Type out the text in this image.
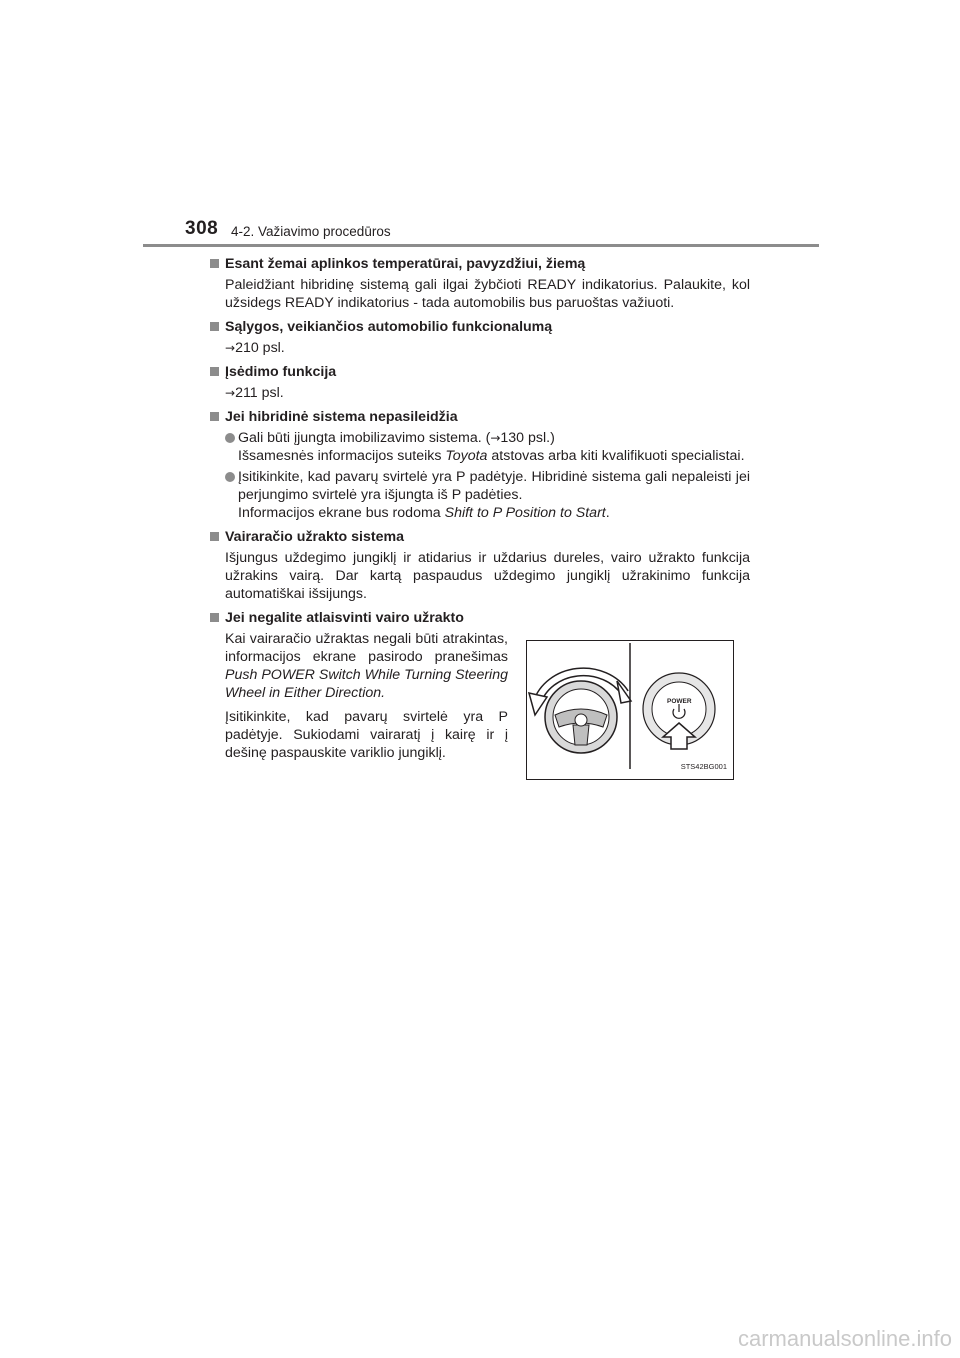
308 4-2. Važiavimo procedūros
Esant žemai aplinkos temperatūrai, pavyzdžiui, žiemą
Paleidžiant hibridinę sistemą gali ilgai žybčioti READY indikatorius. Palaukite, kol užsidegs READY indikatorius - tada automobilis bus paruoštas važiuoti.
Sąlygos, veikiančios automobilio funkcionalumą
→210 psl.
Įsėdimo funkcija
→211 psl.
Jei hibridinė sistema nepasileidžia

Gali būti įjungta imobilizavimo sistema. (→130 psl.)

Išsamesnės informacijos suteiks Toyota atstovas arba kiti kvalifikuoti specialistai.

Įsitikinkite, kad pavarų svirtelė yra P padėtyje. Hibridinė sistema gali nepaleisti jei perjungimo svirtelė yra išjungta iš P padėties.

Informacijos ekrane bus rodoma Shift to P Position to Start.

Vairaračio užrakto sistema
Išjungus uždegimo jungiklį ir atidarius ir uždarius dureles, vairo užrakto funkcija užrakins vairą. Dar kartą paspaudus uždegimo jungiklį užrakinimo funkcija automatiškai išsijungs.
Jei negalite atlaisvinti vairo užrakto

Kai vairaračio užraktas negali būti atrakintas, informacijos ekrane pasirodo pranešimas Push POWER Switch While Turning Steering Wheel in Either Direction.

Įsitikinkite, kad pavarų svirtelė yra P padėtyje. Sukiodami vairaratį į kairę ir į dešinę paspauskite variklio jungiklį.

POWER
STS42BG001
carmanualsonline.info
